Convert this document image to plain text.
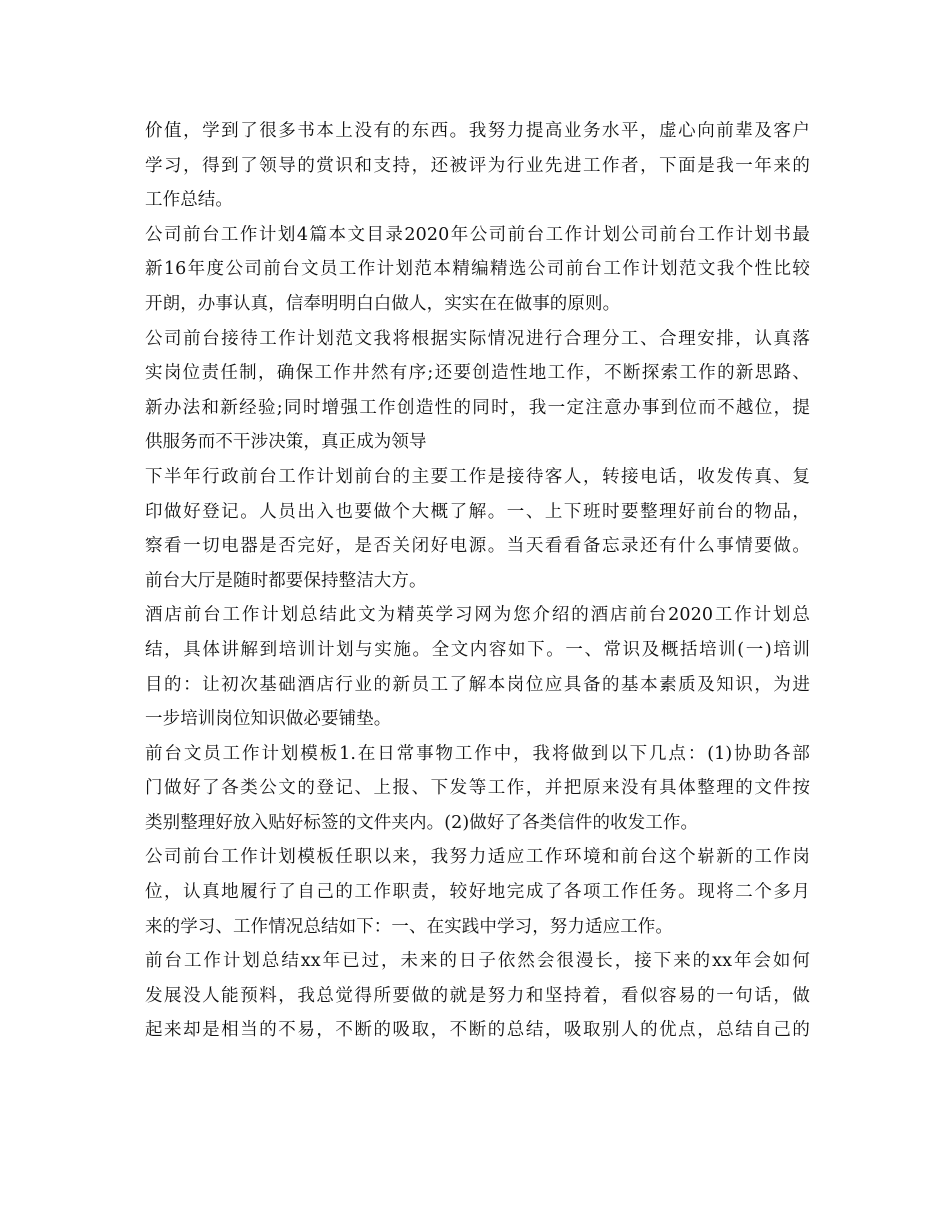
价值，学到了很多书本上没有的东西。我努力提高业务水平，虚心向前辈及客户
学习，得到了领导的赏识和支持，还被评为行业先进工作者，下面是我一年来的
工作总结。
公司前台工作计划4篇本文目录2020年公司前台工作计划公司前台工作计划书最
新16年度公司前台文员工作计划范本精编精选公司前台工作计划范文我个性比较
开朗，办事认真，信奉明明白白做人，实实在在做事的原则。
公司前台接待工作计划范文我将根据实际情况进行合理分工、合理安排，认真落
实岗位责任制，确保工作井然有序;还要创造性地工作，不断探索工作的新思路、
新办法和新经验;同时增强工作创造性的同时，我一定注意办事到位而不越位，提
供服务而不干涉决策，真正成为领导
下半年行政前台工作计划前台的主要工作是接待客人，转接电话，收发传真、复
印做好登记。人员出入也要做个大概了解。一、上下班时要整理好前台的物品，
察看一切电器是否完好，是否关闭好电源。当天看看备忘录还有什么事情要做。
前台大厅是随时都要保持整洁大方。
酒店前台工作计划总结此文为精英学习网为您介绍的酒店前台2020工作计划总
结，具体讲解到培训计划与实施。全文内容如下。一、常识及概括培训(一)培训
目的：让初次基础酒店行业的新员工了解本岗位应具备的基本素质及知识，为进
一步培训岗位知识做必要铺垫。
前台文员工作计划模板1.在日常事物工作中，我将做到以下几点：(1)协助各部
门做好了各类公文的登记、上报、下发等工作，并把原来没有具体整理的文件按
类别整理好放入贴好标签的文件夹内。(2)做好了各类信件的收发工作。
公司前台工作计划模板任职以来，我努力适应工作环境和前台这个崭新的工作岗
位，认真地履行了自己的工作职责，较好地完成了各项工作任务。现将二个多月
来的学习、工作情况总结如下：一、在实践中学习，努力适应工作。
前台工作计划总结xx年已过，未来的日子依然会很漫长，接下来的xx年会如何
发展没人能预料，我总觉得所要做的就是努力和坚持着，看似容易的一句话，做
起来却是相当的不易，不断的吸取，不断的总结，吸取别人的优点，总结自己的
